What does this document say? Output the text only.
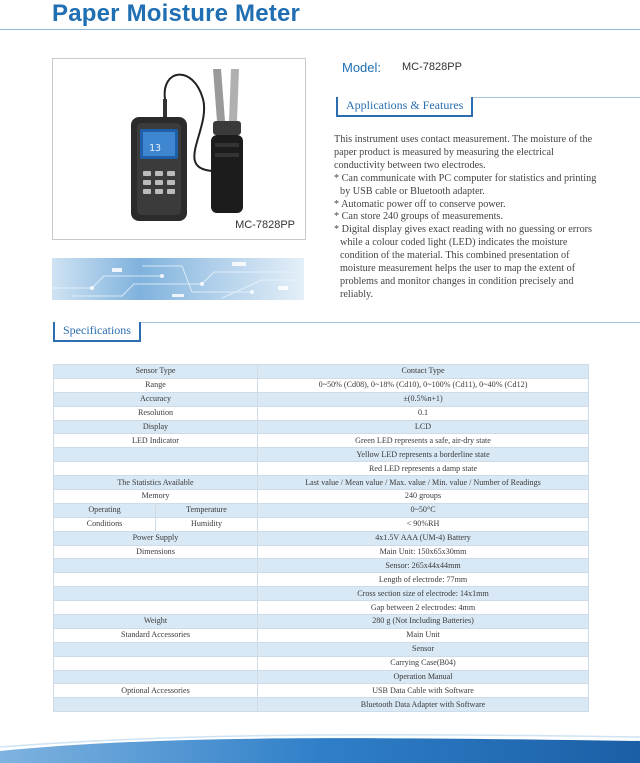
Paper Moisture Meter
13
MC-7828PP
Model: MC-7828PP
Applications & Features

This instrument uses contact measurement. The moisture of the paper product is measured by measuring the electrical conductivity between two electrodes.

* Can communicate with PC computer for statistics and printing by USB cable or Bluetooth adapter.

* Automatic power off to conserve power.

* Can store 240 groups of measurements.

* Digital display gives exact reading with no guessing or errors while a colour coded light (LED) indicates the moisture condition of the material. This combined presentation of moisture measurement helps the user to map the extent of problems and monitor changes in condition precisely and reliably.

Specifications
Sensor Type		Contact Type
Range		0~50% (Cd08), 0~18% (Cd10), 0~100% (Cd11), 0~40% (Cd12)
Accuracy		±(0.5%n+1)
Resolution		0.1
Display		LCD
LED Indicator		Green LED represents a safe, air-dry state
		Yellow LED represents a borderline state
		Red LED represents a damp state
The Statistics Available		Last value / Mean value / Max. value / Min. value / Number of Readings
Memory		240 groups
Operating	Temperature	0~50°C
Conditions	Humidity	< 90%RH
Power Supply		4x1.5V AAA (UM-4) Battery
Dimensions		Main Unit: 150x65x30mm
		Sensor: 265x44x44mm
		Length of electrode: 77mm
		Cross section size of electrode: 14x1mm
		Gap between 2 electrodes: 4mm
Weight		280 g (Not Including Batteries)
Standard Accessories		Main Unit
		Sensor
		Carrying Case(B04)
		Operation Manual
Optional Accessories		USB Data Cable with Software
		Bluetooth Data Adapter with Software
